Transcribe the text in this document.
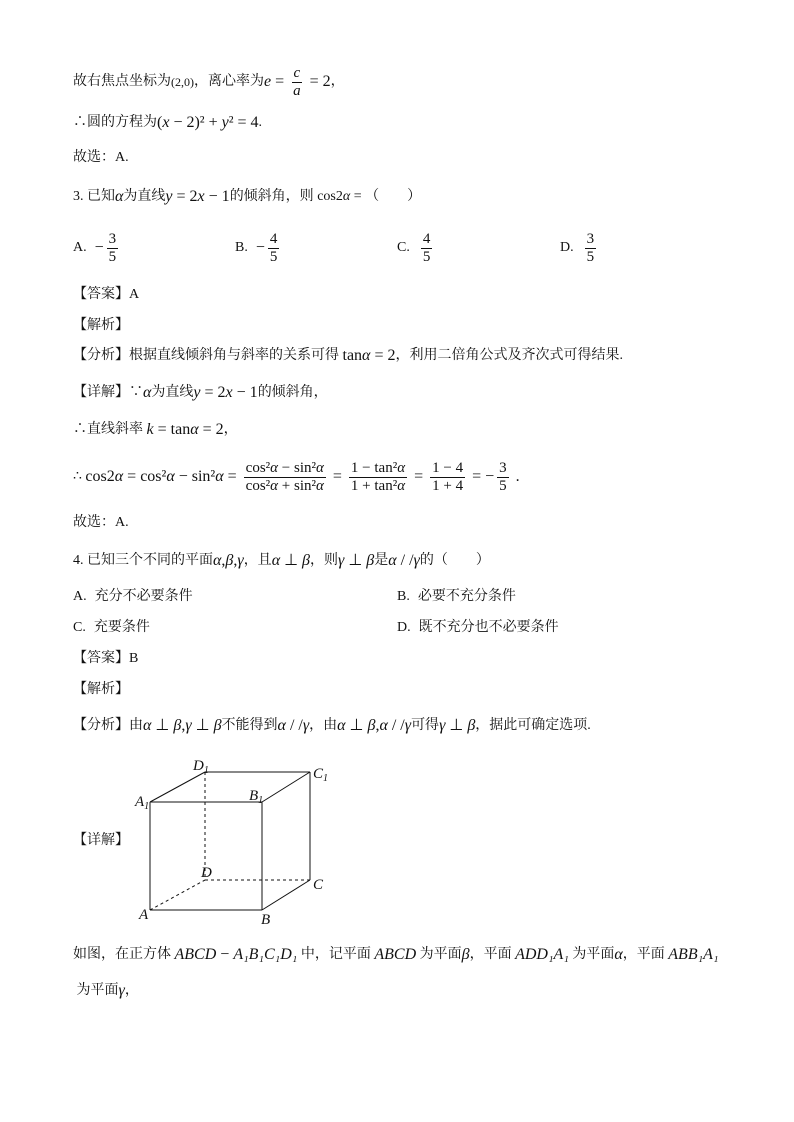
故右焦点坐标为 (2,0) ，离心率为 $e = \frac{c}{a} = 2$ ，
∴圆的方程为 ( x − 2)² + y ² = 4 .
故选：A.
3. 已知 α 为直线 y = 2 x − 1 的倾斜角，则 cos2 α = （　　）
A. − $\frac{3}{5}$	B. − $\frac{4}{5}$	C. $\frac{4}{5}$	D. $\frac{3}{5}$
【答案】A
【解析】
【分析】根据直线倾斜角与斜率的关系可得 tan α = 2 ，利用二倍角公式及齐次式可得结果.
【详解】∵ α 为直线 y = 2 x − 1 的倾斜角，
∴直线斜率 k = tan α = 2 ，
∴ cos2 α = cos² α − sin² $\alpha = \frac{\text{cos² α − sin² α}}{\text{cos² α + sin² α}} = \frac{\text{1 − tan² α}}{\text{1 + tan² α}} = \frac{1 - 4}{1 + 4}$ = − $\frac{3}{5}$ .
故选：A.
4. 已知三个不同的平面 α , β , γ ，且 α ⊥ β ，则 γ ⊥ β 是 α / / γ 的（　　）
A. 充分不必要条件	B. 必要不充分条件
C. 充要条件	D. 既不充分也不必要条件
【答案】B
【解析】
【分析】由 α ⊥ β , γ ⊥ β 不能得到 α / / γ ，由 α ⊥ β , α / / γ 可得 γ ⊥ β ，据此可确定选项.
【详解】
$D_1$	$C_1$
$A_1$
$B_1$
D
C
A	B
如图，在正方体 ABCD − A₁B₁C₁D₁ 中，记平面 ABCD 为平面 β ，平面 ADD₁A₁ 为平面 α ，平面 ABB₁A₁
为平面 γ ，
